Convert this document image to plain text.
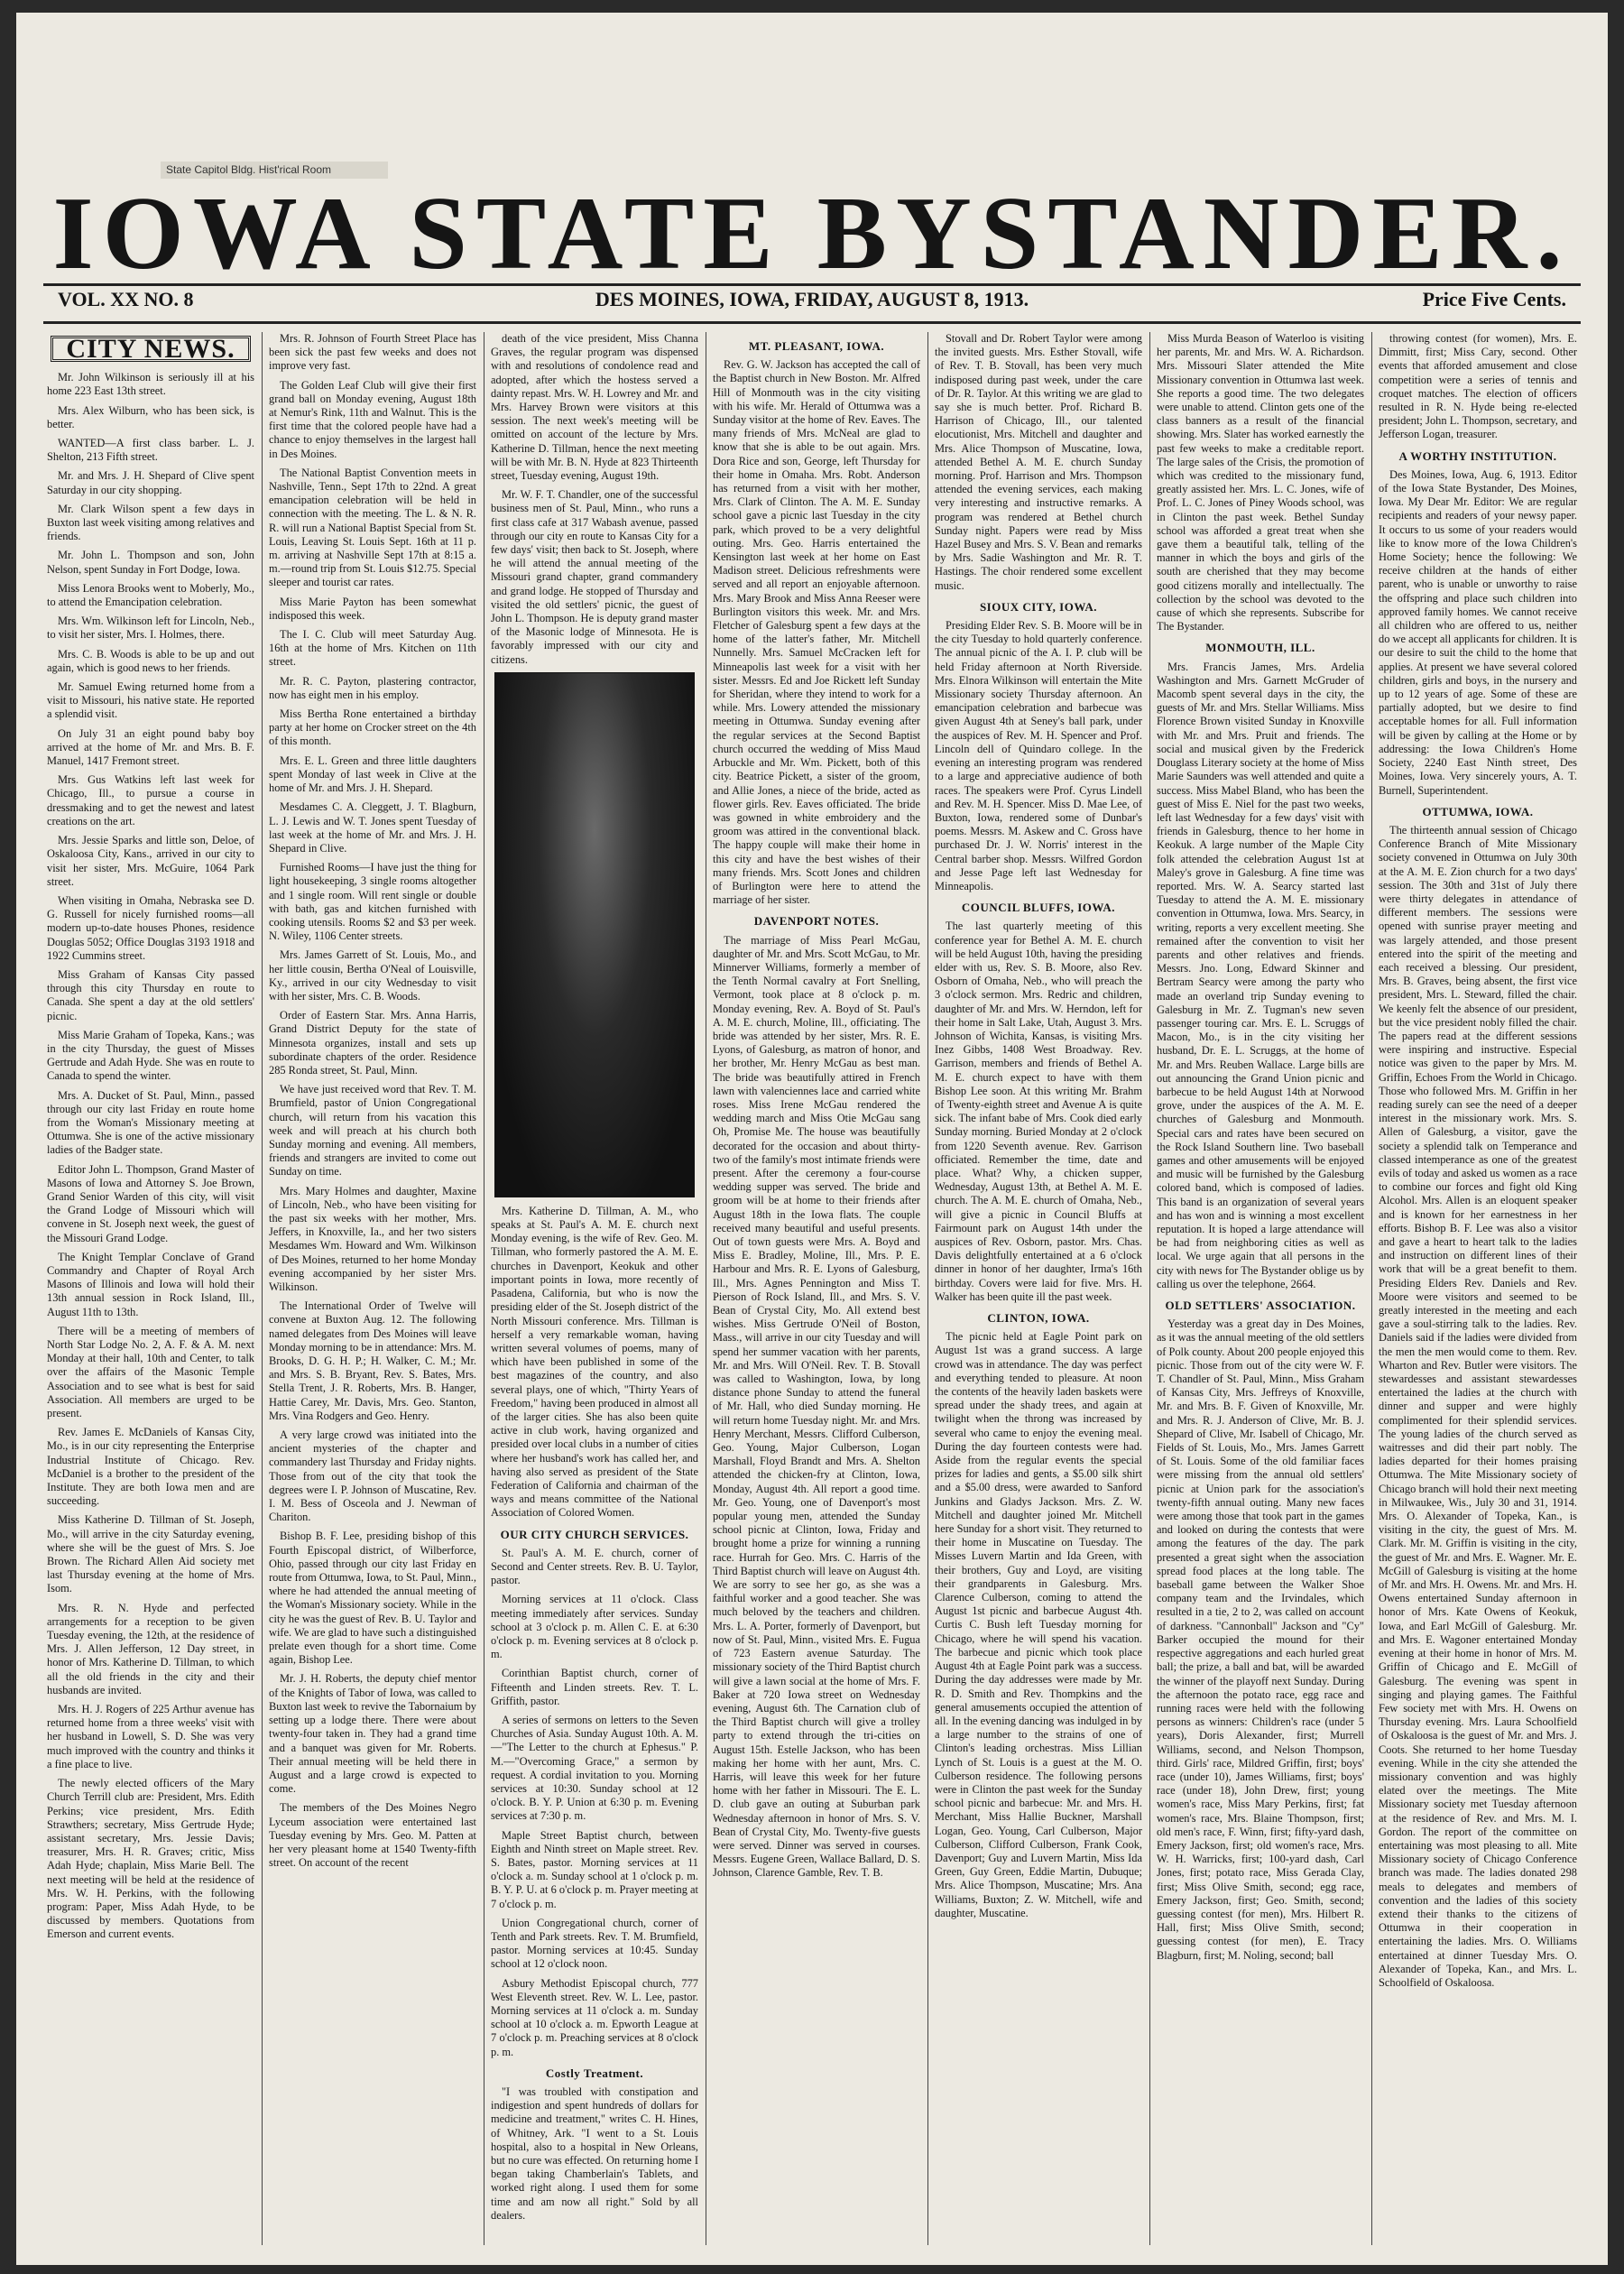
State Capitol Bldg. Hist'rical Room
IOWA STATE BYSTANDER.
VOL. XX NO. 8	DES MOINES, IOWA, FRIDAY, AUGUST 8, 1913.	Price Five Cents.
CITY NEWS.

Mr. John Wilkinson is seriously ill at his home 223 East 13th street.

Mrs. Alex Wilburn, who has been sick, is better.

WANTED—A first class barber. L. J. Shelton, 213 Fifth street.

Mr. and Mrs. J. H. Shepard of Clive spent Saturday in our city shopping.

Mr. Clark Wilson spent a few days in Buxton last week visiting among relatives and friends.

Mr. John L. Thompson and son, John Nelson, spent Sunday in Fort Dodge, Iowa.

Miss Lenora Brooks went to Moberly, Mo., to attend the Emancipation celebration.

Mrs. Wm. Wilkinson left for Lincoln, Neb., to visit her sister, Mrs. I. Holmes, there.

Mrs. C. B. Woods is able to be up and out again, which is good news to her friends.

Mr. Samuel Ewing returned home from a visit to Missouri, his native state. He reported a splendid visit.

On July 31 an eight pound baby boy arrived at the home of Mr. and Mrs. B. F. Manuel, 1417 Fremont street.

Mrs. Gus Watkins left last week for Chicago, Ill., to pursue a course in dressmaking and to get the newest and latest creations on the art.

Mrs. Jessie Sparks and little son, Deloe, of Oskaloosa City, Kans., arrived in our city to visit her sister, Mrs. McGuire, 1064 Park street.

When visiting in Omaha, Nebraska see D. G. Russell for nicely furnished rooms—all modern up-to-date houses Phones, residence Douglas 5052; Office Douglas 3193 1918 and 1922 Cummins street.

Miss Graham of Kansas City passed through this city Thursday en route to Canada. She spent a day at the old settlers' picnic.

Miss Marie Graham of Topeka, Kans.; was in the city Thursday, the guest of Misses Gertrude and Adah Hyde. She was en route to Canada to spend the winter.

Mrs. A. Ducket of St. Paul, Minn., passed through our city last Friday en route home from the Woman's Missionary meeting at Ottumwa. She is one of the active missionary ladies of the Badger state.

Editor John L. Thompson, Grand Master of Masons of Iowa and Attorney S. Joe Brown, Grand Senior Warden of this city, will visit the Grand Lodge of Missouri which will convene in St. Joseph next week, the guest of the Missouri Grand Lodge.

The Knight Templar Conclave of Grand Commandry and Chapter of Royal Arch Masons of Illinois and Iowa will hold their 13th annual session in Rock Island, Ill., August 11th to 13th.

There will be a meeting of members of North Star Lodge No. 2, A. F. & A. M. next Monday at their hall, 10th and Center, to talk over the affairs of the Masonic Temple Association and to see what is best for said Association. All members are urged to be present.

Rev. James E. McDaniels of Kansas City, Mo., is in our city representing the Enterprise Industrial Institute of Chicago. Rev. McDaniel is a brother to the president of the Institute. They are both Iowa men and are succeeding.

Miss Katherine D. Tillman of St. Joseph, Mo., will arrive in the city Saturday evening, where she will be the guest of Mrs. S. Joe Brown. The Richard Allen Aid society met last Thursday evening at the home of Mrs. Isom.

Mrs. R. N. Hyde and perfected arrangements for a reception to be given Tuesday evening, the 12th, at the residence of Mrs. J. Allen Jefferson, 12 Day street, in honor of Mrs. Katherine D. Tillman, to which all the old friends in the city and their husbands are invited.

Mrs. H. J. Rogers of 225 Arthur avenue has returned home from a three weeks' visit with her husband in Lowell, S. D. She was very much improved with the country and thinks it a fine place to live.

The newly elected officers of the Mary Church Terrill club are: President, Mrs. Edith Perkins; vice president, Mrs. Edith Strawthers; secretary, Miss Gertrude Hyde; assistant secretary, Mrs. Jessie Davis; treasurer, Mrs. H. R. Graves; critic, Miss Adah Hyde; chaplain, Miss Marie Bell. The next meeting will be held at the residence of Mrs. W. H. Perkins, with the following program: Paper, Miss Adah Hyde, to be discussed by members. Quotations from Emerson and current events.

Mrs. R. Johnson of Fourth Street Place has been sick the past few weeks and does not improve very fast.

The Golden Leaf Club will give their first grand ball on Monday evening, August 18th at Nemur's Rink, 11th and Walnut. This is the first time that the colored people have had a chance to enjoy themselves in the largest hall in Des Moines.

The National Baptist Convention meets in Nashville, Tenn., Sept 17th to 22nd. A great emancipation celebration will be held in connection with the meeting. The L. & N. R. R. will run a National Baptist Special from St. Louis, Leaving St. Louis Sept. 16th at 11 p. m. arriving at Nashville Sept 17th at 8:15 a. m.—round trip from St. Louis $12.75. Special sleeper and tourist car rates.

Miss Marie Payton has been somewhat indisposed this week.

The I. C. Club will meet Saturday Aug. 16th at the home of Mrs. Kitchen on 11th street.

Mr. R. C. Payton, plastering contractor, now has eight men in his employ.

Miss Bertha Rone entertained a birthday party at her home on Crocker street on the 4th of this month.

Mrs. E. L. Green and three little daughters spent Monday of last week in Clive at the home of Mr. and Mrs. J. H. Shepard.

Mesdames C. A. Cleggett, J. T. Blagburn, L. J. Lewis and W. T. Jones spent Tuesday of last week at the home of Mr. and Mrs. J. H. Shepard in Clive.

Furnished Rooms—I have just the thing for light housekeeping, 3 single rooms altogether and 1 single room. Will rent single or double with bath, gas and kitchen furnished with cooking utensils. Rooms $2 and $3 per week. N. Wiley, 1106 Center streets.

Mrs. James Garrett of St. Louis, Mo., and her little cousin, Bertha O'Neal of Louisville, Ky., arrived in our city Wednesday to visit with her sister, Mrs. C. B. Woods.

Order of Eastern Star. Mrs. Anna Harris, Grand District Deputy for the state of Minnesota organizes, install and sets up subordinate chapters of the order. Residence 285 Ronda street, St. Paul, Minn.

We have just received word that Rev. T. M. Brumfield, pastor of Union Congregational church, will return from his vacation this week and will preach at his church both Sunday morning and evening. All members, friends and strangers are invited to come out Sunday on time.

Mrs. Mary Holmes and daughter, Maxine of Lincoln, Neb., who have been visiting for the past six weeks with her mother, Mrs. Jeffers, in Knoxville, Ia., and her two sisters Mesdames Wm. Howard and Wm. Wilkinson of Des Moines, returned to her home Monday evening accompanied by her sister Mrs. Wilkinson.

The International Order of Twelve will convene at Buxton Aug. 12. The following named delegates from Des Moines will leave Monday morning to be in attendance: Mrs. M. Brooks, D. G. H. P.; H. Walker, C. M.; Mr. and Mrs. S. B. Bryant, Rev. S. Bates, Mrs. Stella Trent, J. R. Roberts, Mrs. B. Hanger, Hattie Carey, Mr. Davis, Mrs. Geo. Stanton, Mrs. Vina Rodgers and Geo. Henry.

A very large crowd was initiated into the ancient mysteries of the chapter and commandery last Thursday and Friday nights. Those from out of the city that took the degrees were I. P. Johnson of Muscatine, Rev. I. M. Bess of Osceola and J. Newman of Chariton.

Bishop B. F. Lee, presiding bishop of this Fourth Episcopal district, of Wilberforce, Ohio, passed through our city last Friday en route from Ottumwa, Iowa, to St. Paul, Minn., where he had attended the annual meeting of the Woman's Missionary society. While in the city he was the guest of Rev. B. U. Taylor and wife. We are glad to have such a distinguished prelate even though for a short time. Come again, Bishop Lee.

Mr. J. H. Roberts, the deputy chief mentor of the Knights of Tabor of Iowa, was called to Buxton last week to revive the Tabornaium by setting up a lodge there. There were about twenty-four taken in. They had a grand time and a banquet was given for Mr. Roberts. Their annual meeting will be held there in August and a large crowd is expected to come.

The members of the Des Moines Negro Lyceum association were entertained last Tuesday evening by Mrs. Geo. M. Patten at her very pleasant home at 1540 Twenty-fifth street. On account of the recent

death of the vice president, Miss Channa Graves, the regular program was dispensed with and resolutions of condolence read and adopted, after which the hostess served a dainty repast. Mrs. W. H. Lowrey and Mr. and Mrs. Harvey Brown were visitors at this session. The next week's meeting will be omitted on account of the lecture by Mrs. Katherine D. Tillman, hence the next meeting will be with Mr. B. N. Hyde at 823 Thirteenth street, Tuesday evening, August 19th.

Mr. W. F. T. Chandler, one of the successful business men of St. Paul, Minn., who runs a first class cafe at 317 Wabash avenue, passed through our city en route to Kansas City for a few days' visit; then back to St. Joseph, where he will attend the annual meeting of the Missouri grand chapter, grand commandery and grand lodge. He stopped of Thursday and visited the old settlers' picnic, the guest of John L. Thompson. He is deputy grand master of the Masonic lodge of Minnesota. He is favorably impressed with our city and citizens.

Mrs. Katherine D. Tillman, A. M., who speaks at St. Paul's A. M. E. church next Monday evening, is the wife of Rev. Geo. M. Tillman, who formerly pastored the A. M. E. churches in Davenport, Keokuk and other important points in Iowa, more recently of Pasadena, California, but who is now the presiding elder of the St. Joseph district of the North Missouri conference. Mrs. Tillman is herself a very remarkable woman, having written several volumes of poems, many of which have been published in some of the best magazines of the country, and also several plays, one of which, "Thirty Years of Freedom," having been produced in almost all of the larger cities. She has also been quite active in club work, having organized and presided over local clubs in a number of cities where her husband's work has called her, and having also served as president of the State Federation of California and chairman of the ways and means committee of the National Association of Colored Women.

OUR CITY CHURCH SERVICES.

St. Paul's A. M. E. church, corner of Second and Center streets. Rev. B. U. Taylor, pastor.

Morning services at 11 o'clock. Class meeting immediately after services. Sunday school at 3 o'clock p. m. Allen C. E. at 6:30 o'clock p. m. Evening services at 8 o'clock p. m.

Corinthian Baptist church, corner of Fifteenth and Linden streets. Rev. T. L. Griffith, pastor.

A series of sermons on letters to the Seven Churches of Asia. Sunday August 10th. A. M.—"The Letter to the church at Ephesus." P. M.—"Overcoming Grace," a sermon by request. A cordial invitation to you. Morning services at 10:30. Sunday school at 12 o'clock. B. Y. P. Union at 6:30 p. m. Evening services at 7:30 p. m.

Maple Street Baptist church, between Eighth and Ninth street on Maple street. Rev. S. Bates, pastor. Morning services at 11 o'clock a. m. Sunday school at 1 o'clock p. m. B. Y. P. U. at 6 o'clock p. m. Prayer meeting at 7 o'clock p. m.

Union Congregational church, corner of Tenth and Park streets. Rev. T. M. Brumfield, pastor. Morning services at 10:45. Sunday school at 12 o'clock noon.

Asbury Methodist Episcopal church, 777 West Eleventh street. Rev. W. L. Lee, pastor. Morning services at 11 o'clock a. m. Sunday school at 10 o'clock a. m. Epworth League at 7 o'clock p. m. Preaching services at 8 o'clock p. m.

Costly Treatment.

"I was troubled with constipation and indigestion and spent hundreds of dollars for medicine and treatment," writes C. H. Hines, of Whitney, Ark. "I went to a St. Louis hospital, also to a hospital in New Orleans, but no cure was effected. On returning home I began taking Chamberlain's Tablets, and worked right along. I used them for some time and am now all right." Sold by all dealers.

MT. PLEASANT, IOWA.

Rev. G. W. Jackson has accepted the call of the Baptist church in New Boston. Mr. Alfred Hill of Monmouth was in the city visiting with his wife. Mr. Herald of Ottumwa was a Sunday visitor at the home of Rev. Eaves. The many friends of Mrs. McNeal are glad to know that she is able to be out again. Mrs. Dora Rice and son, George, left Thursday for their home in Omaha. Mrs. Robt. Anderson has returned from a visit with her mother, Mrs. Clark of Clinton. The A. M. E. Sunday school gave a picnic last Tuesday in the city park, which proved to be a very delightful outing. Mrs. Geo. Harris entertained the Kensington last week at her home on East Madison street. Delicious refreshments were served and all report an enjoyable afternoon. Mrs. Mary Brook and Miss Anna Reeser were Burlington visitors this week. Mr. and Mrs. Fletcher of Galesburg spent a few days at the home of the latter's father, Mr. Mitchell Nunnelly. Mrs. Samuel McCracken left for Minneapolis last week for a visit with her sister. Messrs. Ed and Joe Rickett left Sunday for Sheridan, where they intend to work for a while. Mrs. Lowery attended the missionary meeting in Ottumwa. Sunday evening after the regular services at the Second Baptist church occurred the wedding of Miss Maud Arbuckle and Mr. Wm. Pickett, both of this city. Beatrice Pickett, a sister of the groom, and Allie Jones, a niece of the bride, acted as flower girls. Rev. Eaves officiated. The bride was gowned in white embroidery and the groom was attired in the conventional black. The happy couple will make their home in this city and have the best wishes of their many friends. Mrs. Scott Jones and children of Burlington were here to attend the marriage of her sister.

DAVENPORT NOTES.

The marriage of Miss Pearl McGau, daughter of Mr. and Mrs. Scott McGau, to Mr. Minnerver Williams, formerly a member of the Tenth Normal cavalry at Fort Snelling, Vermont, took place at 8 o'clock p. m. Monday evening, Rev. A. Boyd of St. Paul's A. M. E. church, Moline, Ill., officiating. The bride was attended by her sister, Mrs. R. E. Lyons, of Galesburg, as matron of honor, and her brother, Mr. Henry McGau as best man. The bride was beautifully attired in French lawn with valenciennes lace and carried white roses. Miss Irene McGau rendered the wedding march and Miss Otie McGau sang Oh, Promise Me. The house was beautifully decorated for the occasion and about thirty-two of the family's most intimate friends were present. After the ceremony a four-course wedding supper was served. The bride and groom will be at home to their friends after August 18th in the Iowa flats. The couple received many beautiful and useful presents. Out of town guests were Mrs. A. Boyd and Miss E. Bradley, Moline, Ill., Mrs. P. E. Harbour and Mrs. R. E. Lyons of Galesburg, Ill., Mrs. Agnes Pennington and Miss T. Pierson of Rock Island, Ill., and Mrs. S. V. Bean of Crystal City, Mo. All extend best wishes. Miss Gertrude O'Neil of Boston, Mass., will arrive in our city Tuesday and will spend her summer vacation with her parents, Mr. and Mrs. Will O'Neil. Rev. T. B. Stovall was called to Washington, Iowa, by long distance phone Sunday to attend the funeral of Mr. Hall, who died Sunday morning. He will return home Tuesday night. Mr. and Mrs. Henry Merchant, Messrs. Clifford Culberson, Geo. Young, Major Culberson, Logan Marshall, Floyd Brandt and Mrs. A. Shelton attended the chicken-fry at Clinton, Iowa, Monday, August 4th. All report a good time. Mr. Geo. Young, one of Davenport's most popular young men, attended the Sunday school picnic at Clinton, Iowa, Friday and brought home a prize for winning a running race. Hurrah for Geo. Mrs. C. Harris of the Third Baptist church will leave on August 4th. We are sorry to see her go, as she was a faithful worker and a good teacher. She was much beloved by the teachers and children. Mrs. L. A. Porter, formerly of Davenport, but now of St. Paul, Minn., visited Mrs. E. Fugua of 723 Eastern avenue Saturday. The missionary society of the Third Baptist church will give a lawn social at the home of Mrs. F. Baker at 720 Iowa street on Wednesday evening, August 6th. The Carnation club of the Third Baptist church will give a trolley party to extend through the tri-cities on August 15th. Estelle Jackson, who has been making her home with her aunt, Mrs. C. Harris, will leave this week for her future home with her father in Missouri. The E. L. D. club gave an outing at Suburban park Wednesday afternoon in honor of Mrs. S. V. Bean of Crystal City, Mo. Twenty-five guests were served. Dinner was served in courses. Messrs. Eugene Green, Wallace Ballard, D. S. Johnson, Clarence Gamble, Rev. T. B.

Stovall and Dr. Robert Taylor were among the invited guests. Mrs. Esther Stovall, wife of Rev. T. B. Stovall, has been very much indisposed during past week, under the care of Dr. R. Taylor. At this writing we are glad to say she is much better. Prof. Richard B. Harrison of Chicago, Ill., our talented elocutionist, Mrs. Mitchell and daughter and Mrs. Alice Thompson of Muscatine, Iowa, attended Bethel A. M. E. church Sunday morning. Prof. Harrison and Mrs. Thompson attended the evening services, each making very interesting and instructive remarks. A program was rendered at Bethel church Sunday night. Papers were read by Miss Hazel Busey and Mrs. S. V. Bean and remarks by Mrs. Sadie Washington and Mr. R. T. Hastings. The choir rendered some excellent music.

SIOUX CITY, IOWA.

Presiding Elder Rev. S. B. Moore will be in the city Tuesday to hold quarterly conference. The annual picnic of the A. I. P. club will be held Friday afternoon at North Riverside. Mrs. Elnora Wilkinson will entertain the Mite Missionary society Thursday afternoon. An emancipation celebration and barbecue was given August 4th at Seney's ball park, under the auspices of Rev. M. H. Spencer and Prof. Lincoln dell of Quindaro college. In the evening an interesting program was rendered to a large and appreciative audience of both races. The speakers were Prof. Cyrus Lindell and Rev. M. H. Spencer. Miss D. Mae Lee, of Buxton, Iowa, rendered some of Dunbar's poems. Messrs. M. Askew and C. Gross have purchased Dr. J. W. Norris' interest in the Central barber shop. Messrs. Wilfred Gordon and Jesse Page left last Wednesday for Minneapolis.

COUNCIL BLUFFS, IOWA.

The last quarterly meeting of this conference year for Bethel A. M. E. church will be held August 10th, having the presiding elder with us, Rev. S. B. Moore, also Rev. Osborn of Omaha, Neb., who will preach the 3 o'clock sermon. Mrs. Redric and children, daughter of Mr. and Mrs. W. Herndon, left for their home in Salt Lake, Utah, August 3. Mrs. Johnson of Wichita, Kansas, is visiting Mrs. Inez Gibbs, 1408 West Broadway. Rev. Garrison, members and friends of Bethel A. M. E. church expect to have with them Bishop Lee soon. At this writing Mr. Brahm of Twenty-eighth street and Avenue A is quite sick. The infant babe of Mrs. Cook died early Sunday morning. Buried Monday at 2 o'clock from 1220 Seventh avenue. Rev. Garrison officiated. Remember the time, date and place. What? Why, a chicken supper, Wednesday, August 13th, at Bethel A. M. E. church. The A. M. E. church of Omaha, Neb., will give a picnic in Council Bluffs at Fairmount park on August 14th under the auspices of Rev. Osborn, pastor. Mrs. Chas. Davis delightfully entertained at a 6 o'clock dinner in honor of her daughter, Irma's 16th birthday. Covers were laid for five. Mrs. H. Walker has been quite ill the past week.

CLINTON, IOWA.

The picnic held at Eagle Point park on August 1st was a grand success. A large crowd was in attendance. The day was perfect and everything tended to pleasure. At noon the contents of the heavily laden baskets were spread under the shady trees, and again at twilight when the throng was increased by several who came to enjoy the evening meal. During the day fourteen contests were had. Aside from the regular events the special prizes for ladies and gents, a $5.00 silk shirt and a $5.00 dress, were awarded to Sanford Junkins and Gladys Jackson. Mrs. Z. W. Mitchell and daughter joined Mr. Mitchell here Sunday for a short visit. They returned to their home in Muscatine on Tuesday. The Misses Luvern Martin and Ida Green, with their brothers, Guy and Loyd, are visiting their grandparents in Galesburg. Mrs. Clarence Culberson, coming to attend the August 1st picnic and barbecue August 4th. Curtis C. Bush left Tuesday morning for Chicago, where he will spend his vacation. The barbecue and picnic which took place August 4th at Eagle Point park was a success. During the day addresses were made by Mr. R. D. Smith and Rev. Thompkins and the general amusements occupied the attention of all. In the evening dancing was indulged in by a large number to the strains of one of Clinton's leading orchestras. Miss Lillian Lynch of St. Louis is a guest at the M. O. Culberson residence. The following persons were in Clinton the past week for the Sunday school picnic and barbecue: Mr. and Mrs. H. Merchant, Miss Hallie Buckner, Marshall Logan, Geo. Young, Carl Culberson, Major Culberson, Clifford Culberson, Frank Cook, Davenport; Guy and Luvern Martin, Miss Ida Green, Guy Green, Eddie Martin, Dubuque; Mrs. Alice Thompson, Muscatine; Mrs. Ana Williams, Buxton; Z. W. Mitchell, wife and daughter, Muscatine.

Miss Murda Beason of Waterloo is visiting her parents, Mr. and Mrs. W. A. Richardson. Mrs. Missouri Slater attended the Mite Missionary convention in Ottumwa last week. She reports a good time. The two delegates were unable to attend. Clinton gets one of the class banners as a result of the financial showing. Mrs. Slater has worked earnestly the past few weeks to make a creditable report. The large sales of the Crisis, the promotion of which was credited to the missionary fund, greatly assisted her. Mrs. L. C. Jones, wife of Prof. L. C. Jones of Piney Woods school, was in Clinton the past week. Bethel Sunday school was afforded a great treat when she gave them a beautiful talk, telling of the manner in which the boys and girls of the south are cherished that they may become good citizens morally and intellectually. The collection by the school was devoted to the cause of which she represents. Subscribe for The Bystander.

MONMOUTH, ILL.

Mrs. Francis James, Mrs. Ardelia Washington and Mrs. Garnett McGruder of Macomb spent several days in the city, the guests of Mr. and Mrs. Stellar Williams. Miss Florence Brown visited Sunday in Knoxville with Mr. and Mrs. Pruit and friends. The social and musical given by the Frederick Douglass Literary society at the home of Miss Marie Saunders was well attended and quite a success. Miss Mabel Bland, who has been the guest of Miss E. Niel for the past two weeks, left last Wednesday for a few days' visit with friends in Galesburg, thence to her home in Keokuk. A large number of the Maple City folk attended the celebration August 1st at Maley's grove in Galesburg. A fine time was reported. Mrs. W. A. Searcy started last Tuesday to attend the A. M. E. missionary convention in Ottumwa, Iowa. Mrs. Searcy, in writing, reports a very excellent meeting. She remained after the convention to visit her parents and other relatives and friends. Messrs. Jno. Long, Edward Skinner and Bertram Searcy were among the party who made an overland trip Sunday evening to Galesburg in Mr. Z. Tugman's new seven passenger touring car. Mrs. E. L. Scruggs of Macon, Mo., is in the city visiting her husband, Dr. E. L. Scruggs, at the home of Mr. and Mrs. Reuben Wallace. Large bills are out announcing the Grand Union picnic and barbecue to be held August 14th at Norwood grove, under the auspices of the A. M. E. churches of Galesburg and Monmouth. Special cars and rates have been secured on the Rock Island Southern line. Two baseball games and other amusements will be enjoyed and music will be furnished by the Galesburg colored band, which is composed of ladies. This band is an organization of several years and has won and is winning a most excellent reputation. It is hoped a large attendance will be had from neighboring cities as well as local. We urge again that all persons in the city with news for The Bystander oblige us by calling us over the telephone, 2664.

OLD SETTLERS' ASSOCIATION.

Yesterday was a great day in Des Moines, as it was the annual meeting of the old settlers of Polk county. About 200 people enjoyed this picnic. Those from out of the city were W. F. T. Chandler of St. Paul, Minn., Miss Graham of Kansas City, Mrs. Jeffreys of Knoxville, Mr. and Mrs. B. F. Given of Knoxville, Mr. and Mrs. R. J. Anderson of Clive, Mr. B. J. Shepard of Clive, Mr. Isabell of Chicago, Mr. Fields of St. Louis, Mo., Mrs. James Garrett of St. Louis. Some of the old familiar faces were missing from the annual old settlers' picnic at Union park for the association's twenty-fifth annual outing. Many new faces were among those that took part in the games and looked on during the contests that were among the features of the day. The park presented a great sight when the association spread food places at the long table. The baseball game between the Walker Shoe company team and the Irvindales, which resulted in a tie, 2 to 2, was called on account of darkness. "Cannonball" Jackson and "Cy" Barker occupied the mound for their respective aggregations and each hurled great ball; the prize, a ball and bat, will be awarded the winner of the playoff next Sunday. During the afternoon the potato race, egg race and running races were held with the following persons as winners: Children's race (under 5 years), Doris Alexander, first; Murrell Williams, second, and Nelson Thompson, third. Girls' race, Mildred Griffin, first; boys' race (under 10), James Williams, first; boys' race (under 18), John Drew, first; young women's race, Miss Mary Perkins, first; fat women's race, Mrs. Blaine Thompson, first; old men's race, F. Winn, first; fifty-yard dash, Emery Jackson, first; old women's race, Mrs. W. H. Warricks, first; 100-yard dash, Carl Jones, first; potato race, Miss Gerada Clay, first; Miss Olive Smith, second; egg race, Emery Jackson, first; Geo. Smith, second; guessing contest (for men), Mrs. Hilbert R. Hall, first; Miss Olive Smith, second; guessing contest (for men), E. Tracy Blagburn, first; M. Noling, second; ball

throwing contest (for women), Mrs. E. Dimmitt, first; Miss Cary, second. Other events that afforded amusement and close competition were a series of tennis and croquet matches. The election of officers resulted in R. N. Hyde being re-elected president; John L. Thompson, secretary, and Jefferson Logan, treasurer.

A WORTHY INSTITUTION.

Des Moines, Iowa, Aug. 6, 1913. Editor of the Iowa State Bystander, Des Moines, Iowa. My Dear Mr. Editor: We are regular recipients and readers of your newsy paper. It occurs to us some of your readers would like to know more of the Iowa Children's Home Society; hence the following: We receive children at the hands of either parent, who is unable or unworthy to raise the offspring and place such children into approved family homes. We cannot receive all children who are offered to us, neither do we accept all applicants for children. It is our desire to suit the child to the home that applies. At present we have several colored children, girls and boys, in the nursery and up to 12 years of age. Some of these are partially adopted, but we desire to find acceptable homes for all. Full information will be given by calling at the Home or by addressing: the Iowa Children's Home Society, 2240 East Ninth street, Des Moines, Iowa. Very sincerely yours, A. T. Burnell, Superintendent.

OTTUMWA, IOWA.

The thirteenth annual session of Chicago Conference Branch of Mite Missionary society convened in Ottumwa on July 30th at the A. M. E. Zion church for a two days' session. The 30th and 31st of July there were thirty delegates in attendance of different members. The sessions were opened with sunrise prayer meeting and was largely attended, and those present entered into the spirit of the meeting and each received a blessing. Our president, Mrs. B. Graves, being absent, the first vice president, Mrs. L. Steward, filled the chair. We keenly felt the absence of our president, but the vice president nobly filled the chair. The papers read at the different sessions were inspiring and instructive. Especial notice was given to the paper by Mrs. M. Griffin, Echoes From the World in Chicago. Those who followed Mrs. M. Griffin in her reading surely can see the need of a deeper interest in the missionary work. Mrs. S. Allen of Galesburg, a visitor, gave the society a splendid talk on Temperance and classed intemperance as one of the greatest evils of today and asked us women as a race to combine our forces and fight old King Alcohol. Mrs. Allen is an eloquent speaker and is known for her earnestness in her efforts. Bishop B. F. Lee was also a visitor and gave a heart to heart talk to the ladies and instruction on different lines of their work that will be a great benefit to them. Presiding Elders Rev. Daniels and Rev. Moore were visitors and seemed to be greatly interested in the meeting and each gave a soul-stirring talk to the ladies. Rev. Daniels said if the ladies were divided from the men the men would come to them. Rev. Wharton and Rev. Butler were visitors. The stewardesses and assistant stewardesses entertained the ladies at the church with dinner and supper and were highly complimented for their splendid services. The young ladies of the church served as waitresses and did their part nobly. The ladies departed for their homes praising Ottumwa. The Mite Missionary society of Chicago branch will hold their next meeting in Milwaukee, Wis., July 30 and 31, 1914. Mrs. O. Alexander of Topeka, Kan., is visiting in the city, the guest of Mrs. M. Clark. Mr. M. Griffin is visiting in the city, the guest of Mr. and Mrs. E. Wagner. Mr. E. McGill of Galesburg is visiting at the home of Mr. and Mrs. H. Owens. Mr. and Mrs. H. Owens entertained Sunday afternoon in honor of Mrs. Kate Owens of Keokuk, Iowa, and Earl McGill of Galesburg. Mr. and Mrs. E. Wagoner entertained Monday evening at their home in honor of Mrs. M. Griffin of Chicago and E. McGill of Galesburg. The evening was spent in singing and playing games. The Faithful Few society met with Mrs. H. Owens on Thursday evening. Mrs. Laura Schoolfield of Oskaloosa is the guest of Mr. and Mrs. J. Coots. She returned to her home Tuesday evening. While in the city she attended the missionary convention and was highly elated over the meetings. The Mite Missionary society met Tuesday afternoon at the residence of Rev. and Mrs. M. I. Gordon. The report of the committee on entertaining was most pleasing to all. Mite Missionary society of Chicago Conference branch was made. The ladies donated 298 meals to delegates and members of convention and the ladies of this society extend their thanks to the citizens of Ottumwa in their cooperation in entertaining the ladies. Mrs. O. Williams entertained at dinner Tuesday Mrs. O. Alexander of Topeka, Kan., and Mrs. L. Schoolfield of Oskaloosa.
